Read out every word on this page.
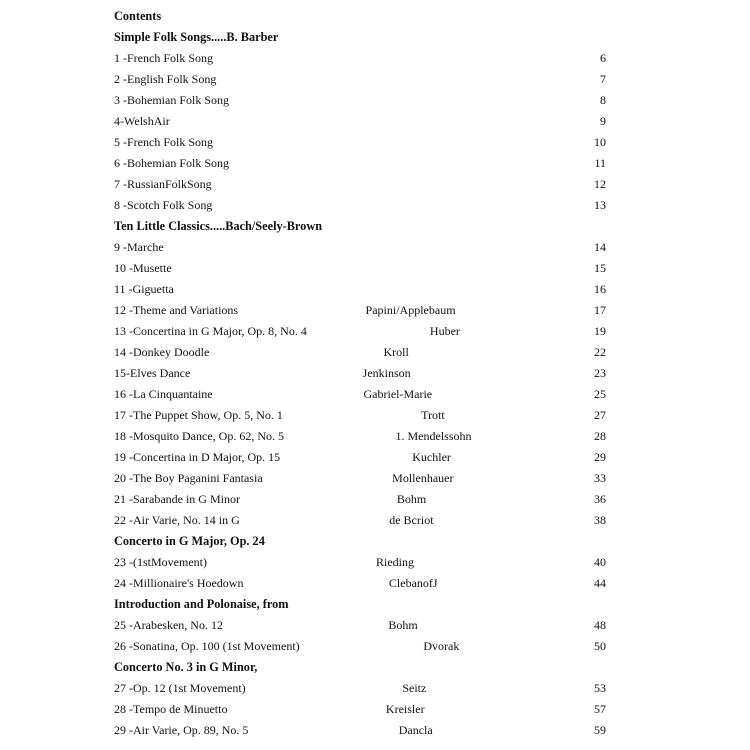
Contents
Simple Folk Songs.....B. Barber
1 -French Folk Song	6
2 -English Folk Song	7
3 -Bohemian Folk Song	8
4-WelshAir	9
5 -French Folk Song	10
6 -Bohemian Folk Song	11
7 -RussianFolkSong	12
8 -Scotch Folk Song	13
Ten Little Classics.....Bach/Seely-Brown
9 -Marche	14
10 -Musette	15
11 -Giguetta	16
12 -Theme and Variations	Papini/Applebaum	17
13 -Concertina in G Major, Op. 8, No. 4	Huber	19
14 -Donkey Doodle	Kroll	22
15-Elves Dance	Jenkinson	23
16 -La Cinquantaine	Gabriel-Marie	25
17 -The Puppet Show, Op. 5, No. 1	Trott	27
18 -Mosquito Dance, Op. 62, No. 5	1. Mendelssohn	28
19 -Concertina in D Major, Op. 15	Kuchler	29
20 -The Boy Paganini Fantasia	Mollenhauer	33
21 -Sarabande in G Minor	Bohm	36
22 -Air Varie, No. 14 in G	de Bcriot	38
Concerto in G Major, Op. 24
23 -(1stMovement)	Rieding	40
24 -Millionaire's Hoedown	ClebanofJ	44
Introduction and Polonaise, from
25 -Arabesken, No. 12	Bohm	48
26 -Sonatina, Op. 100 (1st Movement)	Dvorak	50
Concerto No. 3 in G Minor,
27 -Op. 12 (1st Movement)	Seitz	53
28 -Tempo de Minuetto	Kreisler	57
29 -Air Varie, Op. 89, No. 5	Dancla	59
